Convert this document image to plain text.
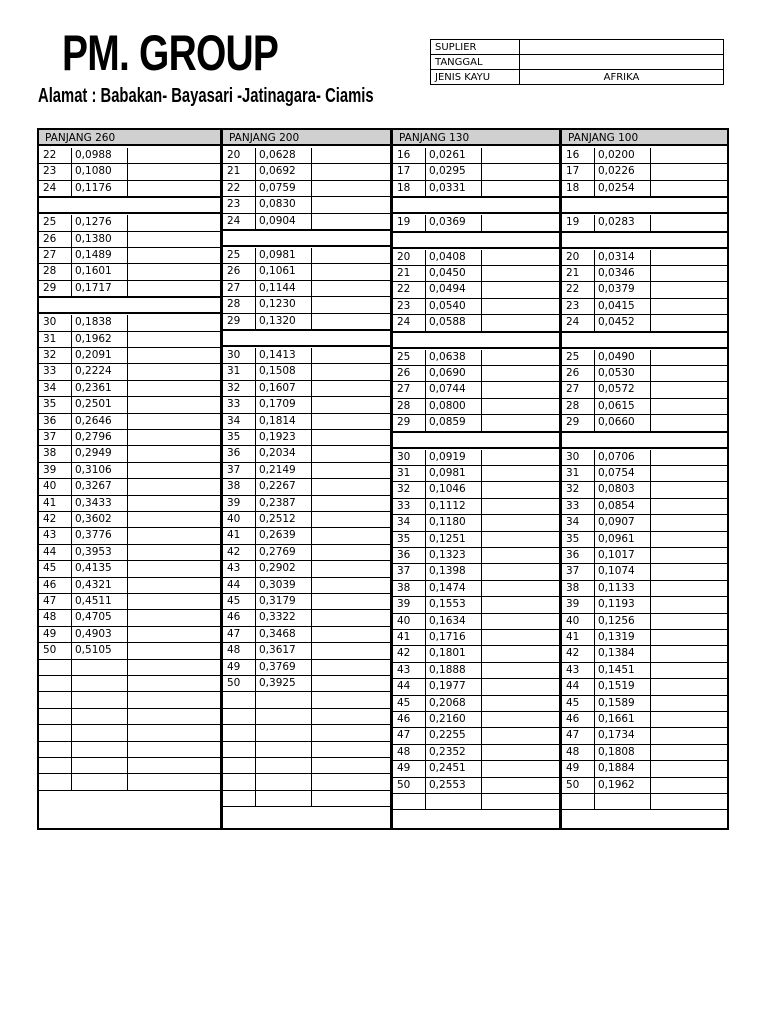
PM. GROUP
Alamat : Babakan- Bayasari -Jatinagara- Ciamis
SUPLIER	
TANGGAL	
JENIS KAYU	AFRIKA
PANJANG 260
22	0,0988
23	0,1080
24	0,1176
25	0,1276
26	0,1380
27	0,1489
28	0,1601
29	0,1717
30	0,1838
31	0,1962
32	0,2091
33	0,2224
34	0,2361
35	0,2501
36	0,2646
37	0,2796
38	0,2949
39	0,3106
40	0,3267
41	0,3433
42	0,3602
43	0,3776
44	0,3953
45	0,4135
46	0,4321
47	0,4511
48	0,4705
49	0,4903
50	0,5105
PANJANG 200
20	0,0628
21	0,0692
22	0,0759
23	0,0830
24	0,0904
25	0,0981
26	0,1061
27	0,1144
28	0,1230
29	0,1320
30	0,1413
31	0,1508
32	0,1607
33	0,1709
34	0,1814
35	0,1923
36	0,2034
37	0,2149
38	0,2267
39	0,2387
40	0,2512
41	0,2639
42	0,2769
43	0,2902
44	0,3039
45	0,3179
46	0,3322
47	0,3468
48	0,3617
49	0,3769
50	0,3925
PANJANG 130
16	0,0261
17	0,0295
18	0,0331
19	0,0369
20	0,0408
21	0,0450
22	0,0494
23	0,0540
24	0,0588
25	0,0638
26	0,0690
27	0,0744
28	0,0800
29	0,0859
30	0,0919
31	0,0981
32	0,1046
33	0,1112
34	0,1180
35	0,1251
36	0,1323
37	0,1398
38	0,1474
39	0,1553
40	0,1634
41	0,1716
42	0,1801
43	0,1888
44	0,1977
45	0,2068
46	0,2160
47	0,2255
48	0,2352
49	0,2451
50	0,2553
PANJANG 100
16	0,0200
17	0,0226
18	0,0254
19	0,0283
20	0,0314
21	0,0346
22	0,0379
23	0,0415
24	0,0452
25	0,0490
26	0,0530
27	0,0572
28	0,0615
29	0,0660
30	0,0706
31	0,0754
32	0,0803
33	0,0854
34	0,0907
35	0,0961
36	0,1017
37	0,1074
38	0,1133
39	0,1193
40	0,1256
41	0,1319
42	0,1384
43	0,1451
44	0,1519
45	0,1589
46	0,1661
47	0,1734
48	0,1808
49	0,1884
50	0,1962
